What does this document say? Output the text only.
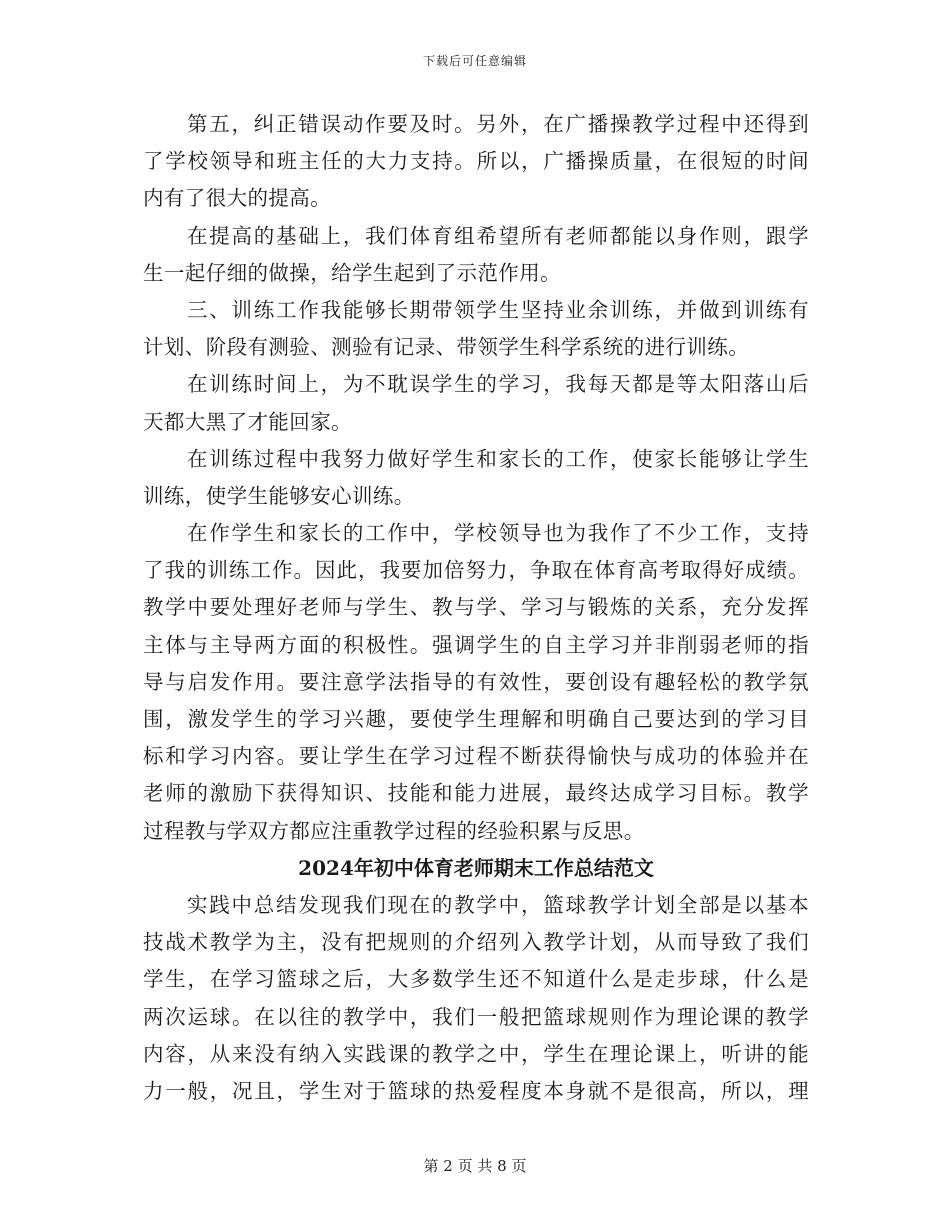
下载后可任意编辑
第五，纠正错误动作要及时。另外，在广播操教学过程中还得到
了学校领导和班主任的大力支持。所以，广播操质量，在很短的时间
内有了很大的提高。
在提高的基础上，我们体育组希望所有老师都能以身作则，跟学
生一起仔细的做操，给学生起到了示范作用。
三、训练工作我能够长期带领学生坚持业余训练，并做到训练有
计划、阶段有测验、测验有记录、带领学生科学系统的进行训练。
在训练时间上，为不耽误学生的学习，我每天都是等太阳落山后
天都大黑了才能回家。
在训练过程中我努力做好学生和家长的工作，使家长能够让学生
训练，使学生能够安心训练。
在作学生和家长的工作中，学校领导也为我作了不少工作，支持
了我的训练工作。因此，我要加倍努力，争取在体育高考取得好成绩。
教学中要处理好老师与学生、教与学、学习与锻炼的关系，充分发挥
主体与主导两方面的积极性。强调学生的自主学习并非削弱老师的指
导与启发作用。要注意学法指导的有效性，要创设有趣轻松的教学氛
围，激发学生的学习兴趣，要使学生理解和明确自己要达到的学习目
标和学习内容。要让学生在学习过程不断获得愉快与成功的体验并在
老师的激励下获得知识、技能和能力进展，最终达成学习目标。教学
过程教与学双方都应注重教学过程的经验积累与反思。
2024年初中体育老师期末工作总结范文
实践中总结发现我们现在的教学中，篮球教学计划全部是以基本
技战术教学为主，没有把规则的介绍列入教学计划，从而导致了我们
学生，在学习篮球之后，大多数学生还不知道什么是走步球，什么是
两次运球。在以往的教学中，我们一般把篮球规则作为理论课的教学
内容，从来没有纳入实践课的教学之中，学生在理论课上，听讲的能
力一般，况且，学生对于篮球的热爱程度本身就不是很高，所以，理
第 2 页 共 8 页
